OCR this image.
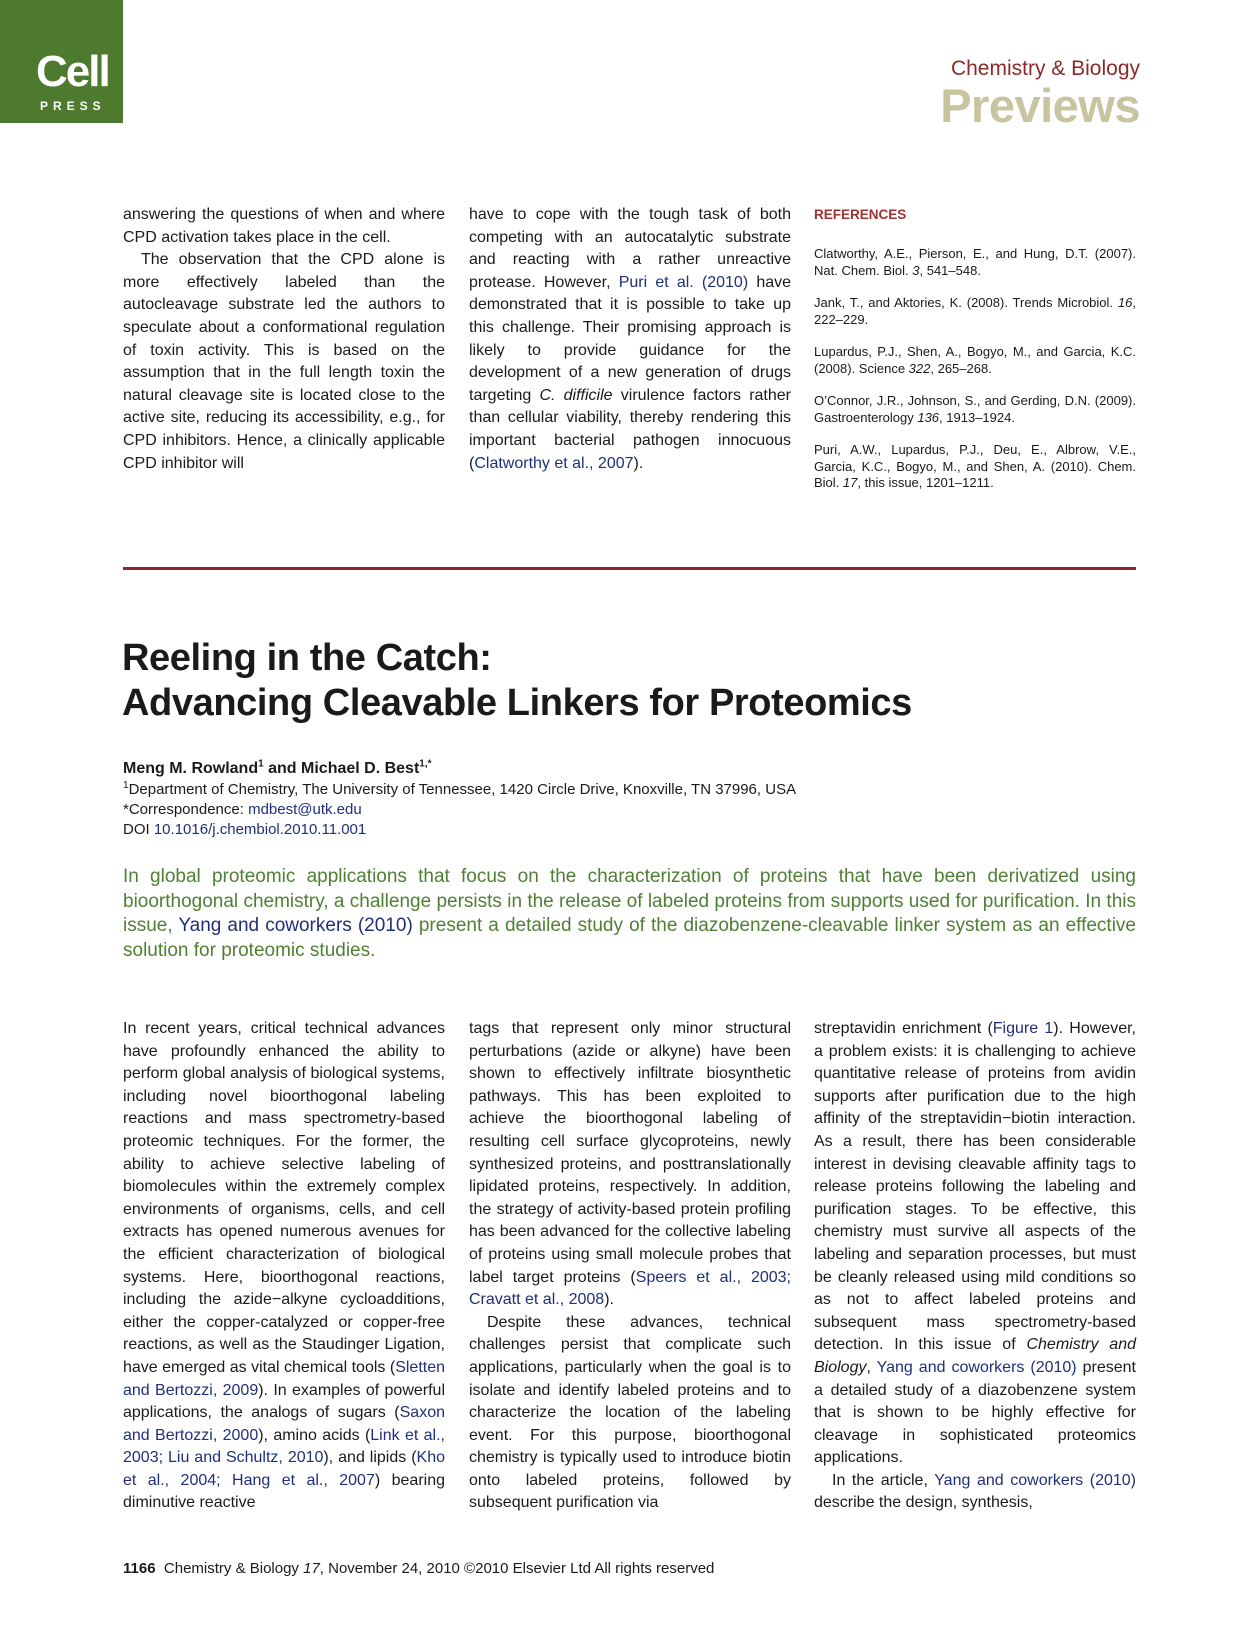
Cell
PRESS
Chemistry & Biology
Previews

answering the questions of when and where CPD activation takes place in the cell.

The observation that the CPD alone is more effectively labeled than the autocleavage substrate led the authors to speculate about a conformational regulation of toxin activity. This is based on the assumption that in the full length toxin the natural cleavage site is located close to the active site, reducing its accessibility, e.g., for CPD inhibitors. Hence, a clinically applicable CPD inhibitor will

have to cope with the tough task of both competing with an autocatalytic substrate and reacting with a rather unreactive protease. However, Puri et al. (2010) have demonstrated that it is possible to take up this challenge. Their promising approach is likely to provide guidance for the development of a new generation of drugs targeting C. difficile virulence factors rather than cellular viability, thereby rendering this important bacterial pathogen innocuous (Clatworthy et al., 2007).

REFERENCES

Clatworthy, A.E., Pierson, E., and Hung, D.T. (2007). Nat. Chem. Biol. 3, 541–548.

Jank, T., and Aktories, K. (2008). Trends Microbiol. 16, 222–229.

Lupardus, P.J., Shen, A., Bogyo, M., and Garcia, K.C. (2008). Science 322, 265–268.

O’Connor, J.R., Johnson, S., and Gerding, D.N. (2009). Gastroenterology 136, 1913–1924.

Puri, A.W., Lupardus, P.J., Deu, E., Albrow, V.E., Garcia, K.C., Bogyo, M., and Shen, A. (2010). Chem. Biol. 17, this issue, 1201–1211.

Reeling in the Catch:
Advancing Cleavable Linkers for Proteomics
Meng M. Rowland$^1$ and Michael D. Best$^{1,*}$
$^1$Department of Chemistry, The University of Tennessee, 1420 Circle Drive, Knoxville, TN 37996, USA
*Correspondence: mdbest@utk.edu
DOI 10.1016/j.chembiol.2010.11.001
In global proteomic applications that focus on the characterization of proteins that have been derivatized using bioorthogonal chemistry, a challenge persists in the release of labeled proteins from supports used for purification. In this issue, Yang and coworkers (2010) present a detailed study of the diazobenzene-cleavable linker system as an effective solution for proteomic studies.

In recent years, critical technical advances have profoundly enhanced the ability to perform global analysis of biological systems, including novel bioorthogonal labeling reactions and mass spectrometry-based proteomic techniques. For the former, the ability to achieve selective labeling of biomolecules within the extremely complex environments of organisms, cells, and cell extracts has opened numerous avenues for the efficient characterization of biological systems. Here, bioorthogonal reactions, including the azide−alkyne cycloadditions, either the copper-catalyzed or copper-free reactions, as well as the Staudinger Ligation, have emerged as vital chemical tools (Sletten and Bertozzi, 2009). In examples of powerful applications, the analogs of sugars (Saxon and Bertozzi, 2000), amino acids (Link et al., 2003; Liu and Schultz, 2010), and lipids (Kho et al., 2004; Hang et al., 2007) bearing diminutive reactive

tags that represent only minor structural perturbations (azide or alkyne) have been shown to effectively infiltrate biosynthetic pathways. This has been exploited to achieve the bioorthogonal labeling of resulting cell surface glycoproteins, newly synthesized proteins, and posttranslationally lipidated proteins, respectively. In addition, the strategy of activity-based protein profiling has been advanced for the collective labeling of proteins using small molecule probes that label target proteins (Speers et al., 2003; Cravatt et al., 2008).

Despite these advances, technical challenges persist that complicate such applications, particularly when the goal is to isolate and identify labeled proteins and to characterize the location of the labeling event. For this purpose, bioorthogonal chemistry is typically used to introduce biotin onto labeled proteins, followed by subsequent purification via

streptavidin enrichment (Figure 1). However, a problem exists: it is challenging to achieve quantitative release of proteins from avidin supports after purification due to the high affinity of the streptavidin−biotin interaction. As a result, there has been considerable interest in devising cleavable affinity tags to release proteins following the labeling and purification stages. To be effective, this chemistry must survive all aspects of the labeling and separation processes, but must be cleanly released using mild conditions so as not to affect labeled proteins and subsequent mass spectrometry-based detection. In this issue of Chemistry and Biology, Yang and coworkers (2010) present a detailed study of a diazobenzene system that is shown to be highly effective for cleavage in sophisticated proteomics applications.

In the article, Yang and coworkers (2010) describe the design, synthesis,

1166 Chemistry & Biology 17, November 24, 2010 ©2010 Elsevier Ltd All rights reserved
